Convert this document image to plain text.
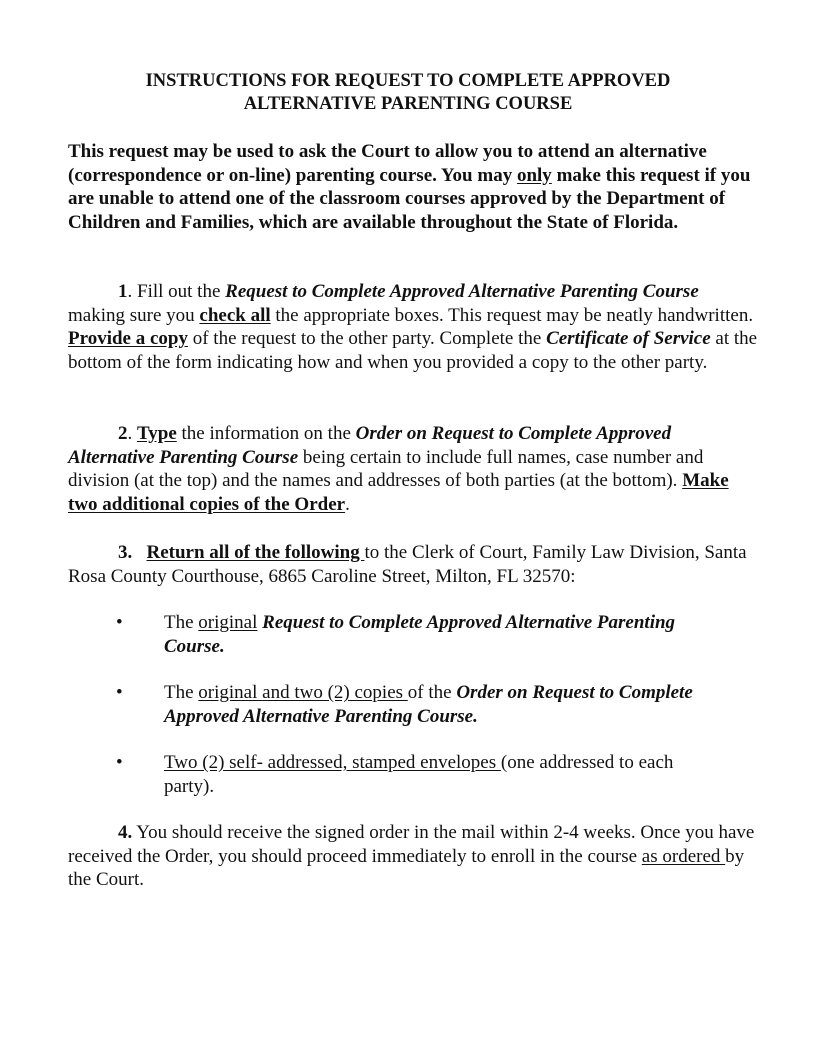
INSTRUCTIONS FOR REQUEST TO COMPLETE APPROVED
ALTERNATIVE PARENTING COURSE

This request may be used to ask the Court to allow you to attend an alternative (correspondence or on-line) parenting course. You may only make this request if you are unable to attend one of the classroom courses approved by the Department of Children and Families, which are available throughout the State of Florida.

1. Fill out the Request to Complete Approved Alternative Parenting Course making sure you check all the appropriate boxes. This request may be neatly handwritten. Provide a copy of the request to the other party. Complete the Certificate of Service at the bottom of the form indicating how and when you provided a copy to the other party.

2. Type the information on the Order on Request to Complete Approved Alternative Parenting Course being certain to include full names, case number and division (at the top) and the names and addresses of both parties (at the bottom). Make two additional copies of the Order.

3. Return all of the following to the Clerk of Court, Family Law Division, Santa Rosa County Courthouse, 6865 Caroline Street, Milton, FL 32570:

• The original Request to Complete Approved Alternative Parenting Course.

• The original and two (2) copies of the Order on Request to Complete Approved Alternative Parenting Course.

• Two (2) self- addressed, stamped envelopes (one addressed to each party).

4. You should receive the signed order in the mail within 2-4 weeks. Once you have received the Order, you should proceed immediately to enroll in the course as ordered by the Court.
